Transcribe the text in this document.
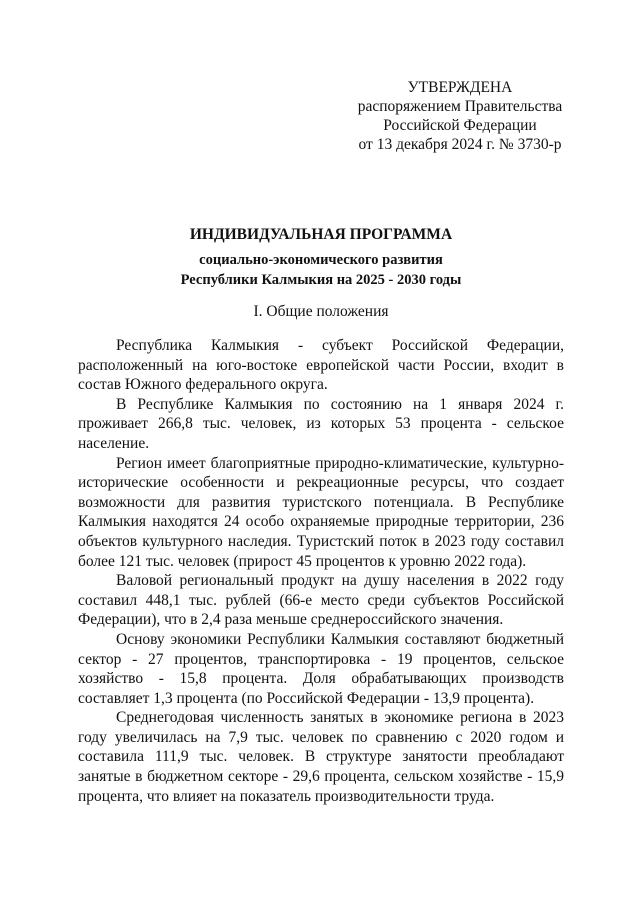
УТВЕРЖДЕНА
распоряжением Правительства
Российской Федерации
от 13 декабря 2024 г. № 3730-р
ИНДИВИДУАЛЬНАЯ ПРОГРАММА
социально-экономического развития
Республики Калмыкия на 2025 - 2030 годы
I. Общие положения

Республика Калмыкия - субъект Российской Федерации, расположенный на юго-востоке европейской части России, входит в состав Южного федерального округа.

В Республике Калмыкия по состоянию на 1 января 2024 г. проживает 266,8 тыс. человек, из которых 53 процента - сельское население.

Регион имеет благоприятные природно-климатические, культурно-исторические особенности и рекреационные ресурсы, что создает возможности для развития туристского потенциала. В Республике Калмыкия находятся 24 особо охраняемые природные территории, 236 объектов культурного наследия. Туристский поток в 2023 году составил более 121 тыс. человек (прирост 45 процентов к уровню 2022 года).

Валовой региональный продукт на душу населения в 2022 году составил 448,1 тыс. рублей (66-е место среди субъектов Российской Федерации), что в 2,4 раза меньше среднероссийского значения.

Основу экономики Республики Калмыкия составляют бюджетный сектор - 27 процентов, транспортировка - 19 процентов, сельское хозяйство - 15,8 процента. Доля обрабатывающих производств составляет 1,3 процента (по Российской Федерации - 13,9 процента).

Среднегодовая численность занятых в экономике региона в 2023 году увеличилась на 7,9 тыс. человек по сравнению с 2020 годом и составила 111,9 тыс. человек. В структуре занятости преобладают занятые в бюджетном секторе - 29,6 процента, сельском хозяйстве - 15,9 процента, что влияет на показатель производительности труда.
